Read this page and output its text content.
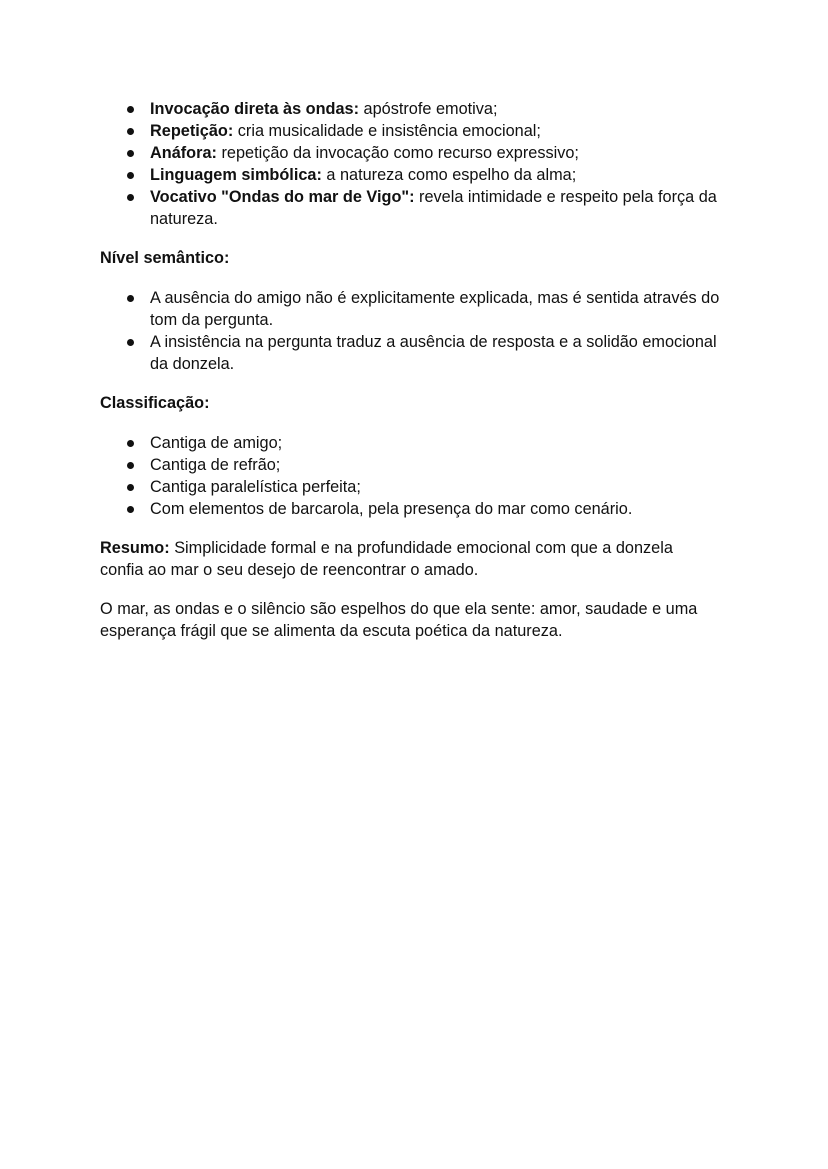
Invocação direta às ondas: apóstrofe emotiva;
Repetição: cria musicalidade e insistência emocional;
Anáfora: repetição da invocação como recurso expressivo;
Linguagem simbólica: a natureza como espelho da alma;
Vocativo "Ondas do mar de Vigo": revela intimidade e respeito pela força da natureza.

Nível semântico:

A ausência do amigo não é explicitamente explicada, mas é sentida através do tom da pergunta.
A insistência na pergunta traduz a ausência de resposta e a solidão emocional da donzela.

Classificação:

Cantiga de amigo;
Cantiga de refrão;
Cantiga paralelística perfeita;
Com elementos de barcarola, pela presença do mar como cenário.

Resumo: Simplicidade formal e na profundidade emocional com que a donzela confia ao mar o seu desejo de reencontrar o amado.

O mar, as ondas e o silêncio são espelhos do que ela sente: amor, saudade e uma esperança frágil que se alimenta da escuta poética da natureza.
